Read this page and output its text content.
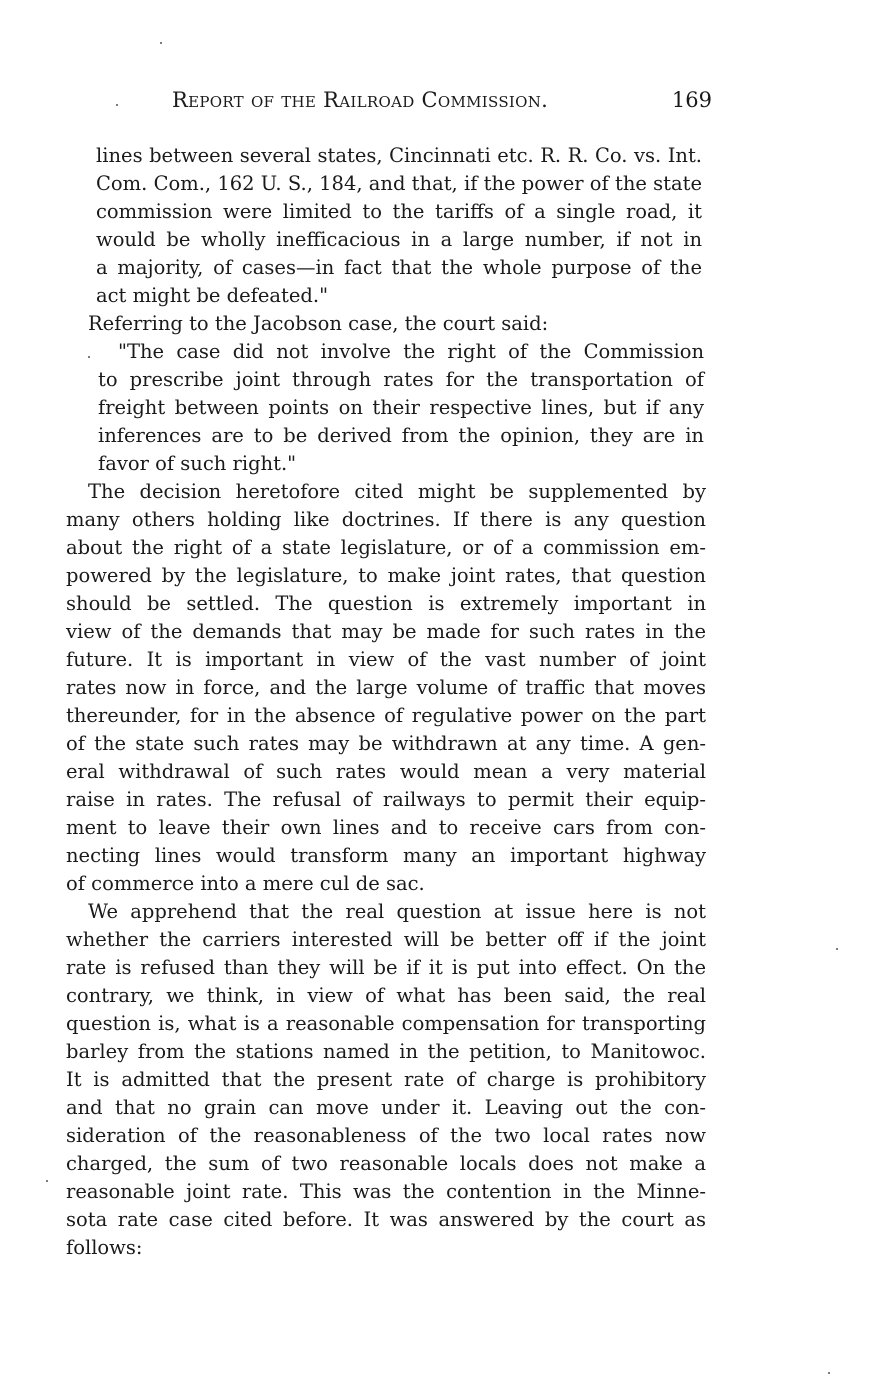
Report of the Railroad Commission.	169
lines between several states, Cincinnati etc. R. R. Co. vs. Int.
Com. Com., 162 U. S., 184, and that, if the power of the state
commission were limited to the tariffs of a single road, it
would be wholly inefficacious in a large number, if not in
a majority, of cases—in fact that the whole purpose of the
act might be defeated."
Referring to the Jacobson case, the court said:
"The case did not involve the right of the Commission
to prescribe joint through rates for the transportation of
freight between points on their respective lines, but if any
inferences are to be derived from the opinion, they are in
favor of such right."
The decision heretofore cited might be supplemented by
many others holding like doctrines. If there is any question
about the right of a state legislature, or of a commission em-
powered by the legislature, to make joint rates, that question
should be settled. The question is extremely important in
view of the demands that may be made for such rates in the
future. It is important in view of the vast number of joint
rates now in force, and the large volume of traffic that moves
thereunder, for in the absence of regulative power on the part
of the state such rates may be withdrawn at any time. A gen-
eral withdrawal of such rates would mean a very material
raise in rates. The refusal of railways to permit their equip-
ment to leave their own lines and to receive cars from con-
necting lines would transform many an important highway
of commerce into a mere cul de sac.
We apprehend that the real question at issue here is not
whether the carriers interested will be better off if the joint
rate is refused than they will be if it is put into effect. On the
contrary, we think, in view of what has been said, the real
question is, what is a reasonable compensation for transporting
barley from the stations named in the petition, to Manitowoc.
It is admitted that the present rate of charge is prohibitory
and that no grain can move under it. Leaving out the con-
sideration of the reasonableness of the two local rates now
charged, the sum of two reasonable locals does not make a
reasonable joint rate. This was the contention in the Minne-
sota rate case cited before. It was answered by the court as
follows:
